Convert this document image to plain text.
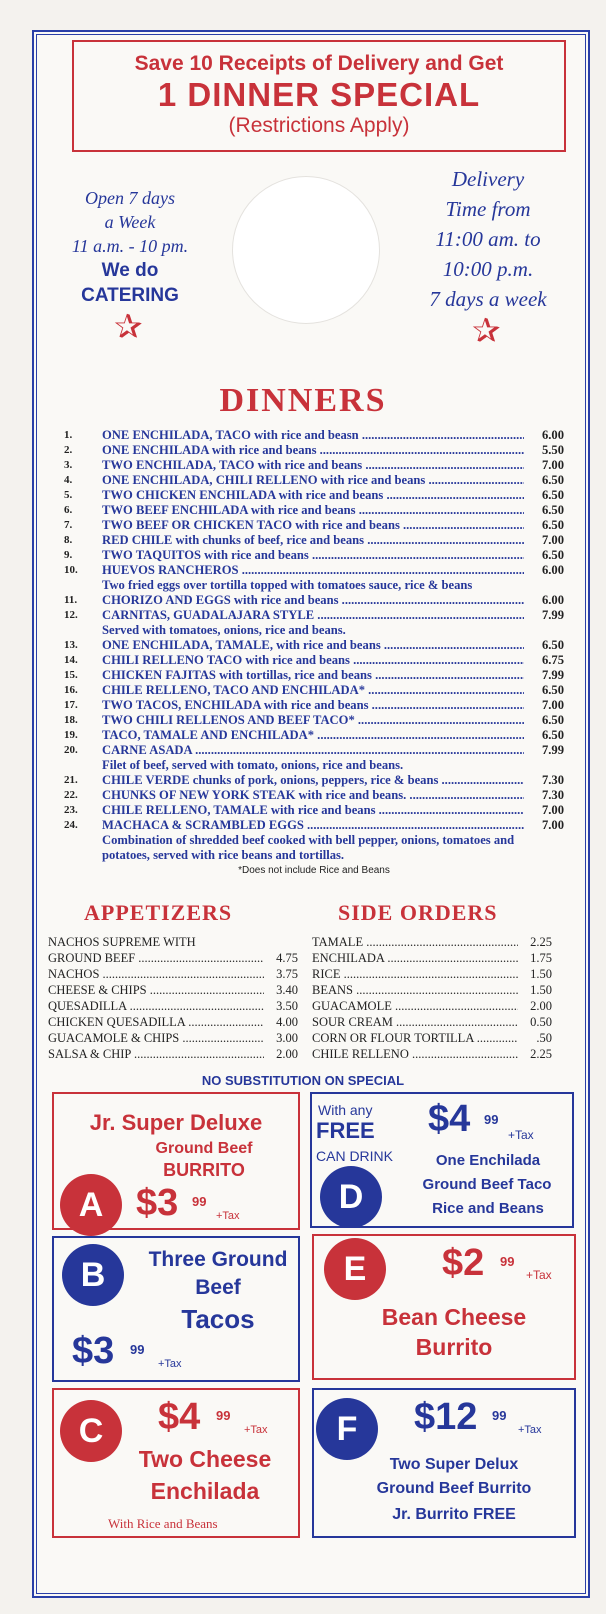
Save 10 Receipts of Delivery and Get
1 DINNER SPECIAL
(Restrictions Apply)
Open 7 days
a Week
11 a.m. - 10 pm.
We do
CATERING
Delivery
Time from
11:00 am. to
10:00 p.m.
7 days a week
✰	✰
DINNERS
1.	ONE ENCHILADA, TACO with rice and beasn .....	6.00
2.	ONE ENCHILADA with rice and beans .....	5.50
3.	TWO ENCHILADA, TACO with rice and beans .....	7.00
4.	ONE ENCHILADA, CHILI RELLENO with rice and beans .....	6.50
5.	TWO CHICKEN ENCHILADA with rice and beans .....	6.50
6.	TWO BEEF ENCHILADA with rice and beans .....	6.50
7.	TWO BEEF OR CHICKEN TACO with rice and beans .....	6.50
8.	RED CHILE with chunks of beef, rice and beans .....	7.00
9.	TWO TAQUITOS with rice and beans .....	6.50
10.	HUEVOS RANCHEROS .....	6.00
Two fried eggs over tortilla topped with tomatoes sauce, rice & beans
11.	CHORIZO AND EGGS with rice and beans .....	6.00
12.	CARNITAS, GUADALAJARA STYLE .....	7.99
Served with tomatoes, onions, rice and beans.
13.	ONE ENCHILADA, TAMALE, with rice and beans .....	6.50
14.	CHILI RELLENO TACO with rice and beans .....	6.75
15.	CHICKEN FAJITAS with tortillas, rice and beans .....	7.99
16.	CHILE RELLENO, TACO AND ENCHILADA* .....	6.50
17.	TWO TACOS, ENCHILADA with rice and beans .....	7.00
18.	TWO CHILI RELLENOS AND BEEF TACO* .....	6.50
19.	TACO, TAMALE AND ENCHILADA* .....	6.50
20.	CARNE ASADA .....	7.99
Filet of beef, served with tomato, onions, rice and beans.
21.	CHILE VERDE chunks of pork, onions, peppers, rice & beans .....	7.30
22.	CHUNKS OF NEW YORK STEAK with rice and beans. .....	7.30
23.	CHILE RELLENO, TAMALE with rice and beans .....	7.00
24.	MACHACA & SCRAMBLED EGGS .....	7.00
Combination of shredded beef cooked with bell pepper, onions, tomatoes and potatoes, served with rice beans and tortillas.
*Does not include Rice and Beans
APPETIZERS	SIDE ORDERS
NACHOS SUPREME WITH
GROUND BEEF .....	4.75
NACHOS .....	3.75
CHEESE & CHIPS .....	3.40
QUESADILLA .....	3.50
CHICKEN QUESADILLA .....	4.00
GUACAMOLE & CHIPS .....	3.00
SALSA & CHIP .....	2.00
TAMALE .....	2.25
ENCHILADA .....	1.75
RICE .....	1.50
BEANS .....	1.50
GUACAMOLE .....	2.00
SOUR CREAM .....	0.50
CORN OR FLOUR TORTILLA .....	.50
CHILE RELLENO .....	2.25
NO SUBSTITUTION ON SPECIAL
Jr. Super Deluxe
Ground Beef
BURRITO
A $3 99
+Tax
With any
FREE
CAN DRINK
$4 99
+Tax
One Enchilada
Ground Beef Taco
Rice and Beans
D
B	Three Ground
Beef
Tacos
$3 99
+Tax
E	$2 99
+Tax
Bean Cheese
Burrito
C	$4 99
+Tax
Two Cheese
Enchilada
With Rice and Beans
F	$12 99
+Tax
Two Super Delux
Ground Beef Burrito
Jr. Burrito FREE
